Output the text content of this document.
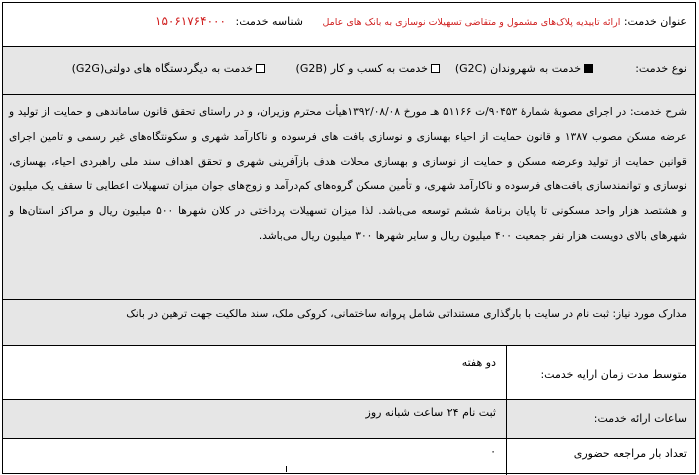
عنوان خدمت: ارائه تاییدیه پلاک‌های مشمول و متقاضی تسهیلات نوسازی به بانک های عامل
شناسه خدمت:
۱۵۰۶۱۷۶۴۰۰۰
نوع خدمت:
خدمت به شهروندان (G2C)
خدمت به کسب و کار (G2B)
خدمت به دیگردستگاه های دولتی(G2G)
شرح خدمت: در اجرای مصوبۀ شمارۀ ۹۰۴۵۳/ت ۵۱۱۶۶ هـ مورخ ۱۳۹۲/۰۸/۰۸هیأت محترم وزیران، و در راستای تحقق قانون ساماندهی و حمایت از تولید و عرضه مسکن مصوب ۱۳۸۷ و قانون حمایت از احیاء بهسازی و نوسازی بافت های فرسوده و ناکارآمد شهری و سکونتگاه‌های غیر رسمی و تامین اجرای قوانین حمایت از تولید وعرضه مسکن و حمایت از نوسازی و بهسازی محلات هدف بازآفرینی شهری و تحقق اهداف سند ملی راهبردی احیاء، بهسازی، نوسازی و توانمندسازی بافت‌های فرسوده و ناکارآمد شهری، و تأمین مسکن گروه‌های کم‌درآمد و زوج‌های جوان میزان تسهیلات اعطایی تا سقف یک میلیون و هشتصد هزار واحد مسکونی تا پایان برنامۀ ششم توسعه می‌باشد. لذا میزان تسهیلات پرداختی در کلان شهرها ۵۰۰ میلیون ریال و مراکز استان‌ها و شهرهای بالای دویست هزار نفر جمعیت ۴۰۰ میلیون ریال و سایر شهرها ۳۰۰ میلیون ریال می‌باشد.
مدارک مورد نیاز: ثبت نام در سایت با بارگذاری مستنداتی شامل پروانه ساختمانی، کروکی ملک، سند مالکیت جهت ترهین در بانک
متوسط مدت زمان ارایه خدمت:
دو هفته
ساعات ارائه خدمت:
ثبت نام ۲۴ ساعت شبانه روز
تعداد بار مراجعه حضوری
۰
